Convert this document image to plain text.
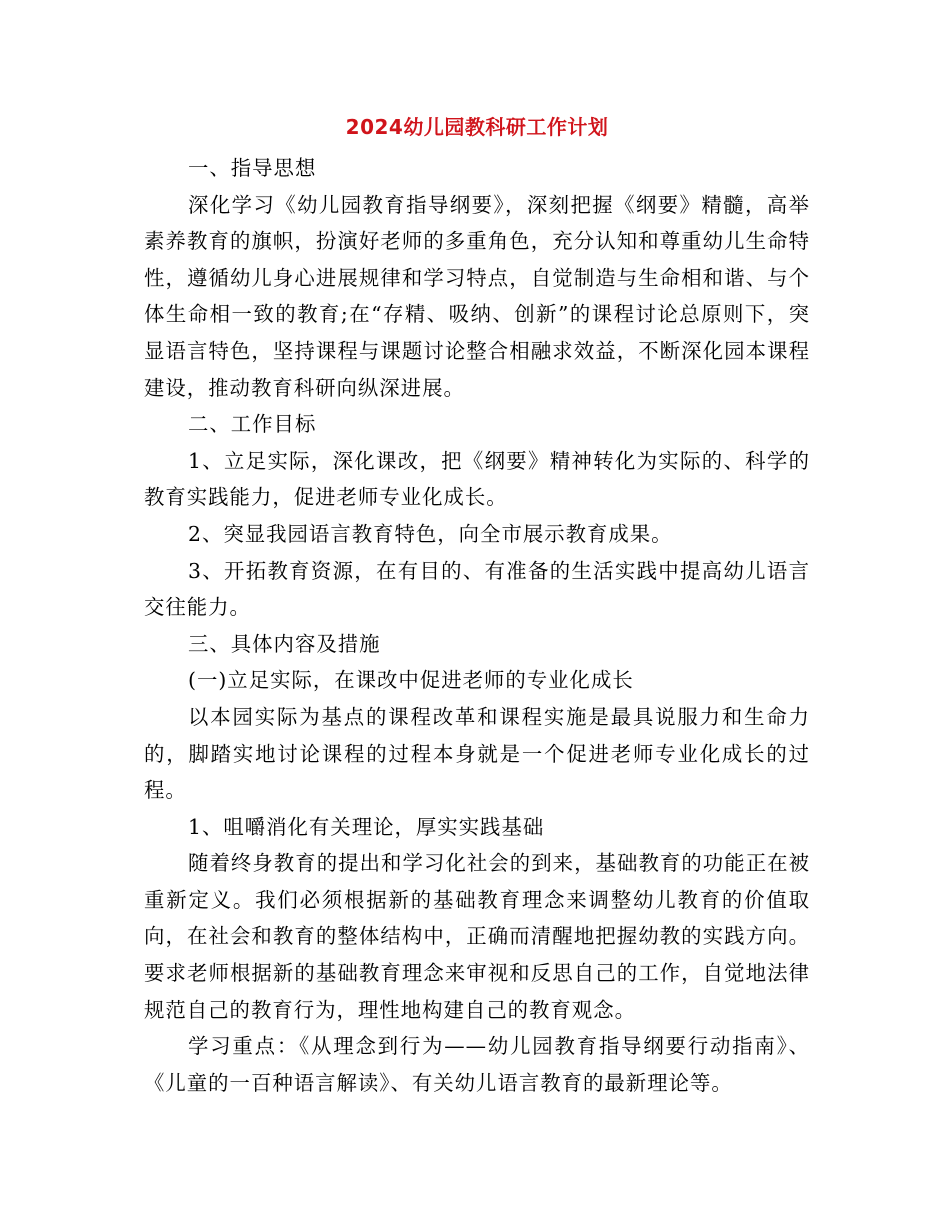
2024幼儿园教科研工作计划

一、指导思想

深化学习《幼儿园教育指导纲要》，深刻把握《纲要》精髓，高举素养教育的旗帜，扮演好老师的多重角色，充分认知和尊重幼儿生命特性，遵循幼儿身心进展规律和学习特点，自觉制造与生命相和谐、与个体生命相一致的教育;在“存精、吸纳、创新”的课程讨论总原则下，突显语言特色，坚持课程与课题讨论整合相融求效益，不断深化园本课程建设，推动教育科研向纵深进展。

二、工作目标

1、立足实际，深化课改，把《纲要》精神转化为实际的、科学的教育实践能力，促进老师专业化成长。

2、突显我园语言教育特色，向全市展示教育成果。

3、开拓教育资源，在有目的、有准备的生活实践中提高幼儿语言交往能力。

三、具体内容及措施

(一)立足实际，在课改中促进老师的专业化成长

以本园实际为基点的课程改革和课程实施是最具说服力和生命力的，脚踏实地讨论课程的过程本身就是一个促进老师专业化成长的过程。

1、咀嚼消化有关理论，厚实实践基础

随着终身教育的提出和学习化社会的到来，基础教育的功能正在被重新定义。我们必须根据新的基础教育理念来调整幼儿教育的价值取向，在社会和教育的整体结构中，正确而清醒地把握幼教的实践方向。要求老师根据新的基础教育理念来审视和反思自己的工作，自觉地法律规范自己的教育行为，理性地构建自己的教育观念。

学习重点：《从理念到行为——幼儿园教育指导纲要行动指南》、《儿童的一百种语言解读》、有关幼儿语言教育的最新理论等。
